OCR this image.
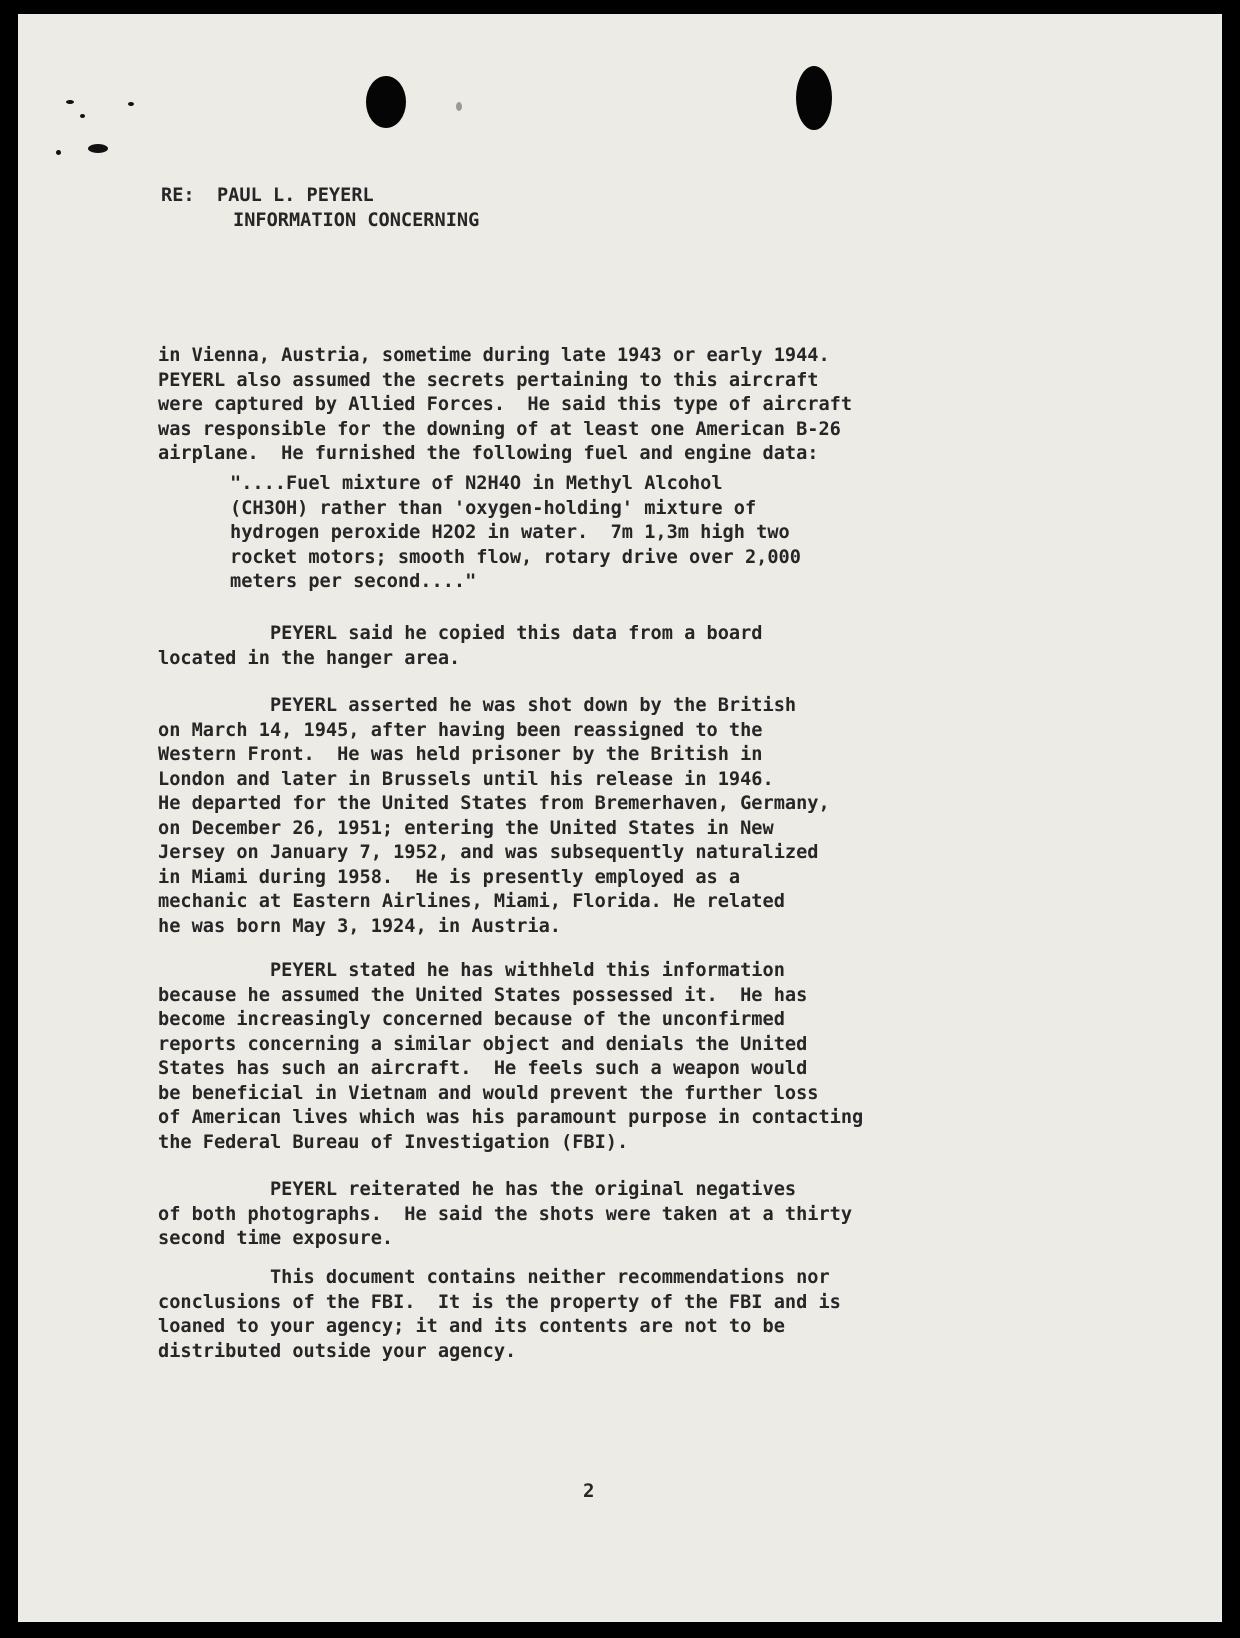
RE: PAUL L. PEYERL
INFORMATION CONCERNING

in Vienna, Austria, sometime during late 1943 or early 1944.
PEYERL also assumed the secrets pertaining to this aircraft
were captured by Allied Forces.  He said this type of aircraft
was responsible for the downing of at least one American B-26
airplane.  He furnished the following fuel and engine data:

"....Fuel mixture of N2H4O in Methyl Alcohol
(CH3OH) rather than 'oxygen-holding' mixture of
hydrogen peroxide H2O2 in water.  7m 1,3m high two
rocket motors; smooth flow, rotary drive over 2,000
meters per second...."

PEYERL said he copied this data from a board
located in the hanger area.

PEYERL asserted he was shot down by the British
on March 14, 1945, after having been reassigned to the
Western Front.  He was held prisoner by the British in
London and later in Brussels until his release in 1946.
He departed for the United States from Bremerhaven, Germany,
on December 26, 1951; entering the United States in New
Jersey on January 7, 1952, and was subsequently naturalized
in Miami during 1958.  He is presently employed as a
mechanic at Eastern Airlines, Miami, Florida. He related
he was born May 3, 1924, in Austria.

PEYERL stated he has withheld this information
because he assumed the United States possessed it.  He has
become increasingly concerned because of the unconfirmed
reports concerning a similar object and denials the United
States has such an aircraft.  He feels such a weapon would
be beneficial in Vietnam and would prevent the further loss
of American lives which was his paramount purpose in contacting
the Federal Bureau of Investigation (FBI).

PEYERL reiterated he has the original negatives
of both photographs.  He said the shots were taken at a thirty
second time exposure.

This document contains neither recommendations nor
conclusions of the FBI.  It is the property of the FBI and is
loaned to your agency; it and its contents are not to be
distributed outside your agency.

2
